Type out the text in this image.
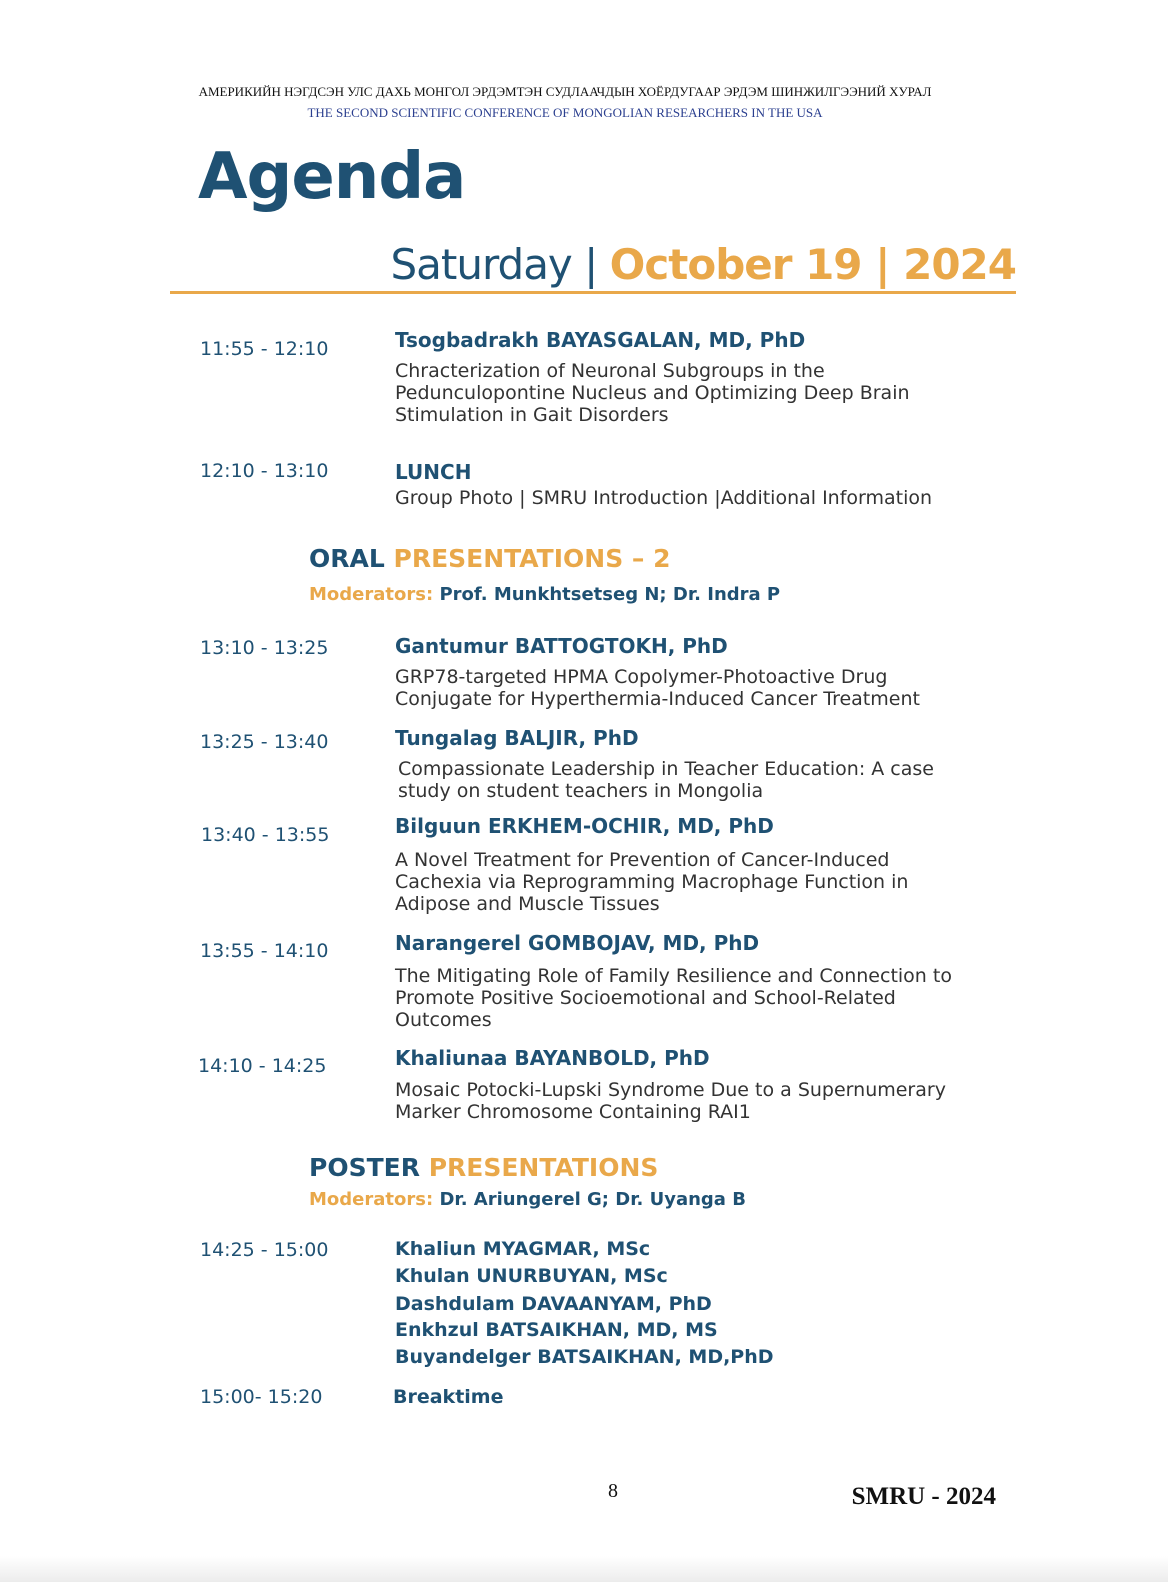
АМЕРИКИЙН НЭГДСЭН УЛС ДАХЬ МОНГОЛ ЭРДЭМТЭН СУДЛААЧДЫН ХОЁРДУГААР ЭРДЭМ ШИНЖИЛГЭЭНИЙ ХУРАЛ
THE SECOND SCIENTIFIC CONFERENCE OF MONGOLIAN RESEARCHERS IN THE USA
Agenda
Saturday | October 19 | 2024
11:55 - 12:10	Tsogbadrakh BAYASGALAN, MD, PhD
Chracterization of Neuronal Subgroups in the Pedunculopontine Nucleus and Optimizing Deep Brain Stimulation in Gait Disorders
12:10 - 13:10	LUNCH
Group Photo | SMRU Introduction |Additional Information
ORAL PRESENTATIONS – 2
Moderators: Prof. Munkhtsetseg N; Dr. Indra P
13:10 - 13:25	Gantumur BATTOGTOKH, PhD
GRP78-targeted HPMA Copolymer-Photoactive Drug Conjugate for Hyperthermia-Induced Cancer Treatment
13:25 - 13:40	Tungalag BALJIR, PhD
Compassionate Leadership in Teacher Education: A case study on student teachers in Mongolia
13:40 - 13:55	Bilguun ERKHEM-OCHIR, MD, PhD
A Novel Treatment for Prevention of Cancer-Induced Cachexia via Reprogramming Macrophage Function in Adipose and Muscle Tissues
13:55 - 14:10	Narangerel GOMBOJAV, MD, PhD
The Mitigating Role of Family Resilience and Connection to Promote Positive Socioemotional and School-Related Outcomes
14:10 - 14:25	Khaliunaa BAYANBOLD, PhD
Mosaic Potocki-Lupski Syndrome Due to a Supernumerary Marker Chromosome Containing RAI1
POSTER PRESENTATIONS
Moderators: Dr. Ariungerel G; Dr. Uyanga B
14:25 - 15:00	Khaliun MYAGMAR, MSc
Khulan UNURBUYAN, MSc
Dashdulam DAVAANYAM, PhD
Enkhzul BATSAIKHAN, MD, MS
Buyandelger BATSAIKHAN, MD,PhD
15:00- 15:20	Breaktime
8	SMRU - 2024
